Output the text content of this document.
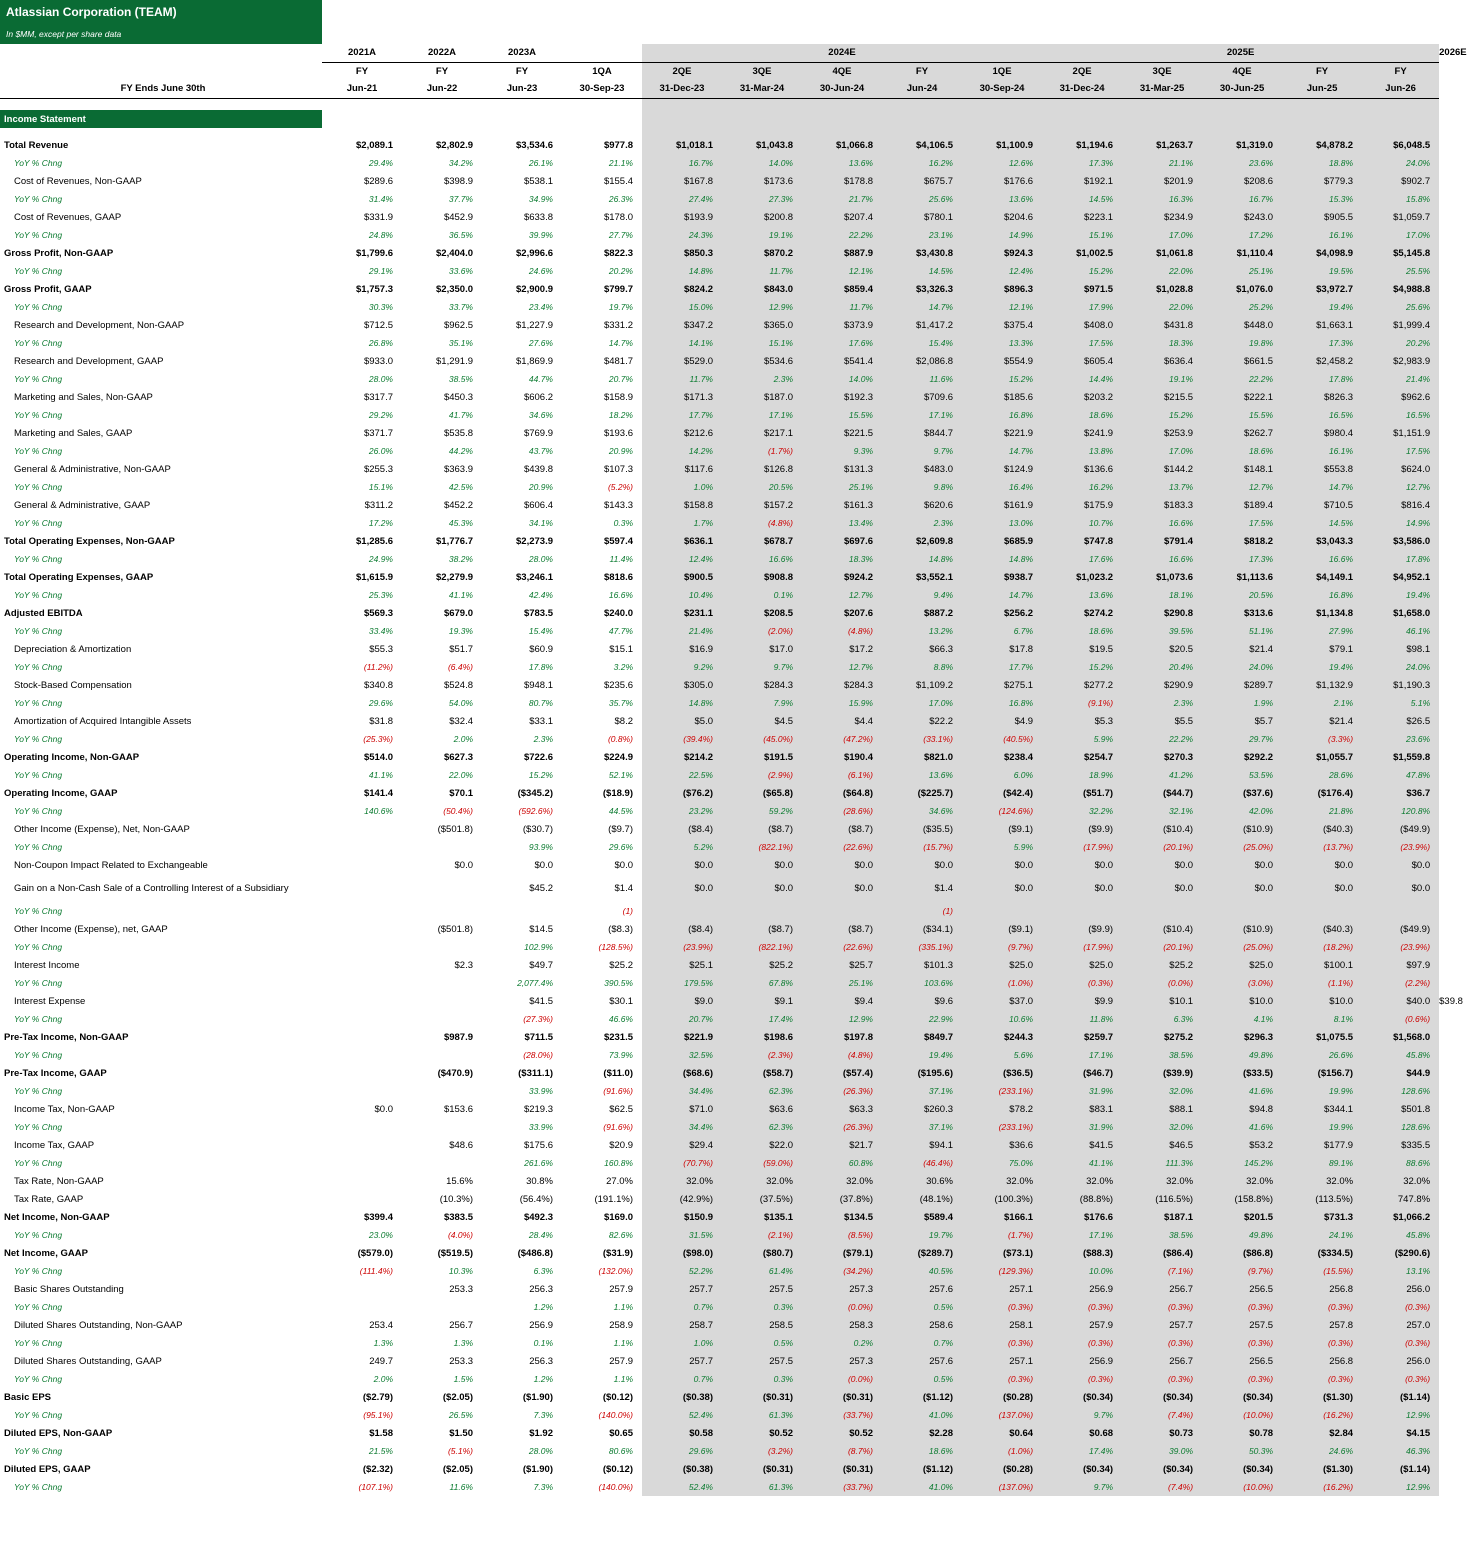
Atlassian Corporation (TEAM)
In $MM, except per share data
	2021A	2022A	2023A		2024E					2025E					2026E
	FY	FY	FY	1QA	2QE	3QE	4QE	FY	1QE	2QE	3QE	4QE	FY	FY	
FY Ends June 30th	Jun-21	Jun-22	Jun-23	30-Sep-23	31-Dec-23	31-Mar-24	30-Jun-24	Jun-24	30-Sep-24	31-Dec-24	31-Mar-25	30-Jun-25	Jun-25	Jun-26	

Income Statement															

Total Revenue	$2,089.1	$2,802.9	$3,534.6	$977.8	$1,018.1	$1,043.8	$1,066.8	$4,106.5	$1,100.9	$1,194.6	$1,263.7	$1,319.0	$4,878.2	$6,048.5	
YoY % Chng	29.4%	34.2%	26.1%	21.1%	16.7%	14.0%	13.6%	16.2%	12.6%	17.3%	21.1%	23.6%	18.8%	24.0%	
Cost of Revenues, Non-GAAP	$289.6	$398.9	$538.1	$155.4	$167.8	$173.6	$178.8	$675.7	$176.6	$192.1	$201.9	$208.6	$779.3	$902.7	
YoY % Chng	31.4%	37.7%	34.9%	26.3%	27.4%	27.3%	21.7%	25.6%	13.6%	14.5%	16.3%	16.7%	15.3%	15.8%	
Cost of Revenues, GAAP	$331.9	$452.9	$633.8	$178.0	$193.9	$200.8	$207.4	$780.1	$204.6	$223.1	$234.9	$243.0	$905.5	$1,059.7	
YoY % Chng	24.8%	36.5%	39.9%	27.7%	24.3%	19.1%	22.2%	23.1%	14.9%	15.1%	17.0%	17.2%	16.1%	17.0%	
Gross Profit, Non-GAAP	$1,799.6	$2,404.0	$2,996.6	$822.3	$850.3	$870.2	$887.9	$3,430.8	$924.3	$1,002.5	$1,061.8	$1,110.4	$4,098.9	$5,145.8	
YoY % Chng	29.1%	33.6%	24.6%	20.2%	14.8%	11.7%	12.1%	14.5%	12.4%	15.2%	22.0%	25.1%	19.5%	25.5%	
Gross Profit, GAAP	$1,757.3	$2,350.0	$2,900.9	$799.7	$824.2	$843.0	$859.4	$3,326.3	$896.3	$971.5	$1,028.8	$1,076.0	$3,972.7	$4,988.8	
YoY % Chng	30.3%	33.7%	23.4%	19.7%	15.0%	12.9%	11.7%	14.7%	12.1%	17.9%	22.0%	25.2%	19.4%	25.6%	
Research and Development, Non-GAAP	$712.5	$962.5	$1,227.9	$331.2	$347.2	$365.0	$373.9	$1,417.2	$375.4	$408.0	$431.8	$448.0	$1,663.1	$1,999.4	
YoY % Chng	26.8%	35.1%	27.6%	14.7%	14.1%	15.1%	17.6%	15.4%	13.3%	17.5%	18.3%	19.8%	17.3%	20.2%	
Research and Development, GAAP	$933.0	$1,291.9	$1,869.9	$481.7	$529.0	$534.6	$541.4	$2,086.8	$554.9	$605.4	$636.4	$661.5	$2,458.2	$2,983.9	
YoY % Chng	28.0%	38.5%	44.7%	20.7%	11.7%	2.3%	14.0%	11.6%	15.2%	14.4%	19.1%	22.2%	17.8%	21.4%	
Marketing and Sales, Non-GAAP	$317.7	$450.3	$606.2	$158.9	$171.3	$187.0	$192.3	$709.6	$185.6	$203.2	$215.5	$222.1	$826.3	$962.6	
YoY % Chng	29.2%	41.7%	34.6%	18.2%	17.7%	17.1%	15.5%	17.1%	16.8%	18.6%	15.2%	15.5%	16.5%	16.5%	
Marketing and Sales, GAAP	$371.7	$535.8	$769.9	$193.6	$212.6	$217.1	$221.5	$844.7	$221.9	$241.9	$253.9	$262.7	$980.4	$1,151.9	
YoY % Chng	26.0%	44.2%	43.7%	20.9%	14.2%	(1.7%)	9.3%	9.7%	14.7%	13.8%	17.0%	18.6%	16.1%	17.5%	
General & Administrative, Non-GAAP	$255.3	$363.9	$439.8	$107.3	$117.6	$126.8	$131.3	$483.0	$124.9	$136.6	$144.2	$148.1	$553.8	$624.0	
YoY % Chng	15.1%	42.5%	20.9%	(5.2%)	1.0%	20.5%	25.1%	9.8%	16.4%	16.2%	13.7%	12.7%	14.7%	12.7%	
General & Administrative, GAAP	$311.2	$452.2	$606.4	$143.3	$158.8	$157.2	$161.3	$620.6	$161.9	$175.9	$183.3	$189.4	$710.5	$816.4	
YoY % Chng	17.2%	45.3%	34.1%	0.3%	1.7%	(4.8%)	13.4%	2.3%	13.0%	10.7%	16.6%	17.5%	14.5%	14.9%	
Total Operating Expenses, Non-GAAP	$1,285.6	$1,776.7	$2,273.9	$597.4	$636.1	$678.7	$697.6	$2,609.8	$685.9	$747.8	$791.4	$818.2	$3,043.3	$3,586.0	
YoY % Chng	24.9%	38.2%	28.0%	11.4%	12.4%	16.6%	18.3%	14.8%	14.8%	17.6%	16.6%	17.3%	16.6%	17.8%	
Total Operating Expenses, GAAP	$1,615.9	$2,279.9	$3,246.1	$818.6	$900.5	$908.8	$924.2	$3,552.1	$938.7	$1,023.2	$1,073.6	$1,113.6	$4,149.1	$4,952.1	
YoY % Chng	25.3%	41.1%	42.4%	16.6%	10.4%	0.1%	12.7%	9.4%	14.7%	13.6%	18.1%	20.5%	16.8%	19.4%	
Adjusted EBITDA	$569.3	$679.0	$783.5	$240.0	$231.1	$208.5	$207.6	$887.2	$256.2	$274.2	$290.8	$313.6	$1,134.8	$1,658.0	
YoY % Chng	33.4%	19.3%	15.4%	47.7%	21.4%	(2.0%)	(4.8%)	13.2%	6.7%	18.6%	39.5%	51.1%	27.9%	46.1%	
Depreciation & Amortization	$55.3	$51.7	$60.9	$15.1	$16.9	$17.0	$17.2	$66.3	$17.8	$19.5	$20.5	$21.4	$79.1	$98.1	
YoY % Chng	(11.2%)	(6.4%)	17.8%	3.2%	9.2%	9.7%	12.7%	8.8%	17.7%	15.2%	20.4%	24.0%	19.4%	24.0%	
Stock-Based Compensation	$340.8	$524.8	$948.1	$235.6	$305.0	$284.3	$284.3	$1,109.2	$275.1	$277.2	$290.9	$289.7	$1,132.9	$1,190.3	
YoY % Chng	29.6%	54.0%	80.7%	35.7%	14.8%	7.9%	15.9%	17.0%	16.8%	(9.1%)	2.3%	1.9%	2.1%	5.1%	
Amortization of Acquired Intangible Assets	$31.8	$32.4	$33.1	$8.2	$5.0	$4.5	$4.4	$22.2	$4.9	$5.3	$5.5	$5.7	$21.4	$26.5	
YoY % Chng	(25.3%)	2.0%	2.3%	(0.8%)	(39.4%)	(45.0%)	(47.2%)	(33.1%)	(40.5%)	5.9%	22.2%	29.7%	(3.3%)	23.6%	
Operating Income, Non-GAAP	$514.0	$627.3	$722.6	$224.9	$214.2	$191.5	$190.4	$821.0	$238.4	$254.7	$270.3	$292.2	$1,055.7	$1,559.8	
YoY % Chng	41.1%	22.0%	15.2%	52.1%	22.5%	(2.9%)	(6.1%)	13.6%	6.0%	18.9%	41.2%	53.5%	28.6%	47.8%	
Operating Income, GAAP	$141.4	$70.1	($345.2)	($18.9)	($76.2)	($65.8)	($64.8)	($225.7)	($42.4)	($51.7)	($44.7)	($37.6)	($176.4)	$36.7	
YoY % Chng	140.6%	(50.4%)	(592.6%)	44.5%	23.2%	59.2%	(28.6%)	34.6%	(124.6%)	32.2%	32.1%	42.0%	21.8%	120.8%	
Other Income (Expense), Net, Non-GAAP		($501.8)	($30.7)	($9.7)	($8.4)	($8.7)	($8.7)	($35.5)	($9.1)	($9.9)	($10.4)	($10.9)	($40.3)	($49.9)	
YoY % Chng			93.9%	29.6%	5.2%	(822.1%)	(22.6%)	(15.7%)	5.9%	(17.9%)	(20.1%)	(25.0%)	(13.7%)	(23.9%)	
Non-Coupon Impact Related to Exchangeable		$0.0	$0.0	$0.0	$0.0	$0.0	$0.0	$0.0	$0.0	$0.0	$0.0	$0.0	$0.0	$0.0	
Gain on a Non-Cash Sale of a Controlling Interest of a Subsidiary			$45.2	$1.4	$0.0	$0.0	$0.0	$1.4	$0.0	$0.0	$0.0	$0.0	$0.0	$0.0	
YoY % Chng				(1)				(1)							
Other Income (Expense), net, GAAP		($501.8)	$14.5	($8.3)	($8.4)	($8.7)	($8.7)	($34.1)	($9.1)	($9.9)	($10.4)	($10.9)	($40.3)	($49.9)	
YoY % Chng			102.9%	(128.5%)	(23.9%)	(822.1%)	(22.6%)	(335.1%)	(9.7%)	(17.9%)	(20.1%)	(25.0%)	(18.2%)	(23.9%)	
Interest Income		$2.3	$49.7	$25.2	$25.1	$25.2	$25.7	$101.3	$25.0	$25.0	$25.2	$25.0	$100.1	$97.9	
YoY % Chng			2,077.4%	390.5%	179.5%	67.8%	25.1%	103.6%	(1.0%)	(0.3%)	(0.0%)	(3.0%)	(1.1%)	(2.2%)	
Interest Expense			$41.5	$30.1	$9.0	$9.1	$9.4	$9.6	$37.0	$9.9	$10.1	$10.0	$10.0	$40.0	$39.8
YoY % Chng			(27.3%)	46.6%	20.7%	17.4%	12.9%	22.9%	10.6%	11.8%	6.3%	4.1%	8.1%	(0.6%)	
Pre-Tax Income, Non-GAAP		$987.9	$711.5	$231.5	$221.9	$198.6	$197.8	$849.7	$244.3	$259.7	$275.2	$296.3	$1,075.5	$1,568.0	
YoY % Chng			(28.0%)	73.9%	32.5%	(2.3%)	(4.8%)	19.4%	5.6%	17.1%	38.5%	49.8%	26.6%	45.8%	
Pre-Tax Income, GAAP		($470.9)	($311.1)	($11.0)	($68.6)	($58.7)	($57.4)	($195.6)	($36.5)	($46.7)	($39.9)	($33.5)	($156.7)	$44.9	
YoY % Chng			33.9%	(91.6%)	34.4%	62.3%	(26.3%)	37.1%	(233.1%)	31.9%	32.0%	41.6%	19.9%	128.6%	
Income Tax, Non-GAAP	$0.0	$153.6	$219.3	$62.5	$71.0	$63.6	$63.3	$260.3	$78.2	$83.1	$88.1	$94.8	$344.1	$501.8	
YoY % Chng			33.9%	(91.6%)	34.4%	62.3%	(26.3%)	37.1%	(233.1%)	31.9%	32.0%	41.6%	19.9%	128.6%	
Income Tax, GAAP		$48.6	$175.6	$20.9	$29.4	$22.0	$21.7	$94.1	$36.6	$41.5	$46.5	$53.2	$177.9	$335.5	
YoY % Chng			261.6%	160.8%	(70.7%)	(59.0%)	60.8%	(46.4%)	75.0%	41.1%	111.3%	145.2%	89.1%	88.6%	
Tax Rate, Non-GAAP		15.6%	30.8%	27.0%	32.0%	32.0%	32.0%	30.6%	32.0%	32.0%	32.0%	32.0%	32.0%	32.0%	
Tax Rate, GAAP		(10.3%)	(56.4%)	(191.1%)	(42.9%)	(37.5%)	(37.8%)	(48.1%)	(100.3%)	(88.8%)	(116.5%)	(158.8%)	(113.5%)	747.8%	
Net Income, Non-GAAP	$399.4	$383.5	$492.3	$169.0	$150.9	$135.1	$134.5	$589.4	$166.1	$176.6	$187.1	$201.5	$731.3	$1,066.2	
YoY % Chng	23.0%	(4.0%)	28.4%	82.6%	31.5%	(2.1%)	(8.5%)	19.7%	(1.7%)	17.1%	38.5%	49.8%	24.1%	45.8%	
Net Income, GAAP	($579.0)	($519.5)	($486.8)	($31.9)	($98.0)	($80.7)	($79.1)	($289.7)	($73.1)	($88.3)	($86.4)	($86.8)	($334.5)	($290.6)	
YoY % Chng	(111.4%)	10.3%	6.3%	(132.0%)	52.2%	61.4%	(34.2%)	40.5%	(129.3%)	10.0%	(7.1%)	(9.7%)	(15.5%)	13.1%	
Basic Shares Outstanding		253.3	256.3	257.9	257.7	257.5	257.3	257.6	257.1	256.9	256.7	256.5	256.8	256.0	
YoY % Chng			1.2%	1.1%	0.7%	0.3%	(0.0%)	0.5%	(0.3%)	(0.3%)	(0.3%)	(0.3%)	(0.3%)	(0.3%)	
Diluted Shares Outstanding, Non-GAAP	253.4	256.7	256.9	258.9	258.7	258.5	258.3	258.6	258.1	257.9	257.7	257.5	257.8	257.0	
YoY % Chng	1.3%	1.3%	0.1%	1.1%	1.0%	0.5%	0.2%	0.7%	(0.3%)	(0.3%)	(0.3%)	(0.3%)	(0.3%)	(0.3%)	
Diluted Shares Outstanding, GAAP	249.7	253.3	256.3	257.9	257.7	257.5	257.3	257.6	257.1	256.9	256.7	256.5	256.8	256.0	
YoY % Chng	2.0%	1.5%	1.2%	1.1%	0.7%	0.3%	(0.0%)	0.5%	(0.3%)	(0.3%)	(0.3%)	(0.3%)	(0.3%)	(0.3%)	
Basic EPS	($2.79)	($2.05)	($1.90)	($0.12)	($0.38)	($0.31)	($0.31)	($1.12)	($0.28)	($0.34)	($0.34)	($0.34)	($1.30)	($1.14)	
YoY % Chng	(95.1%)	26.5%	7.3%	(140.0%)	52.4%	61.3%	(33.7%)	41.0%	(137.0%)	9.7%	(7.4%)	(10.0%)	(16.2%)	12.9%	
Diluted EPS, Non-GAAP	$1.58	$1.50	$1.92	$0.65	$0.58	$0.52	$0.52	$2.28	$0.64	$0.68	$0.73	$0.78	$2.84	$4.15	
YoY % Chng	21.5%	(5.1%)	28.0%	80.6%	29.6%	(3.2%)	(8.7%)	18.6%	(1.0%)	17.4%	39.0%	50.3%	24.6%	46.3%	
Diluted EPS, GAAP	($2.32)	($2.05)	($1.90)	($0.12)	($0.38)	($0.31)	($0.31)	($1.12)	($0.28)	($0.34)	($0.34)	($0.34)	($1.30)	($1.14)	
YoY % Chng	(107.1%)	11.6%	7.3%	(140.0%)	52.4%	61.3%	(33.7%)	41.0%	(137.0%)	9.7%	(7.4%)	(10.0%)	(16.2%)	12.9%	
